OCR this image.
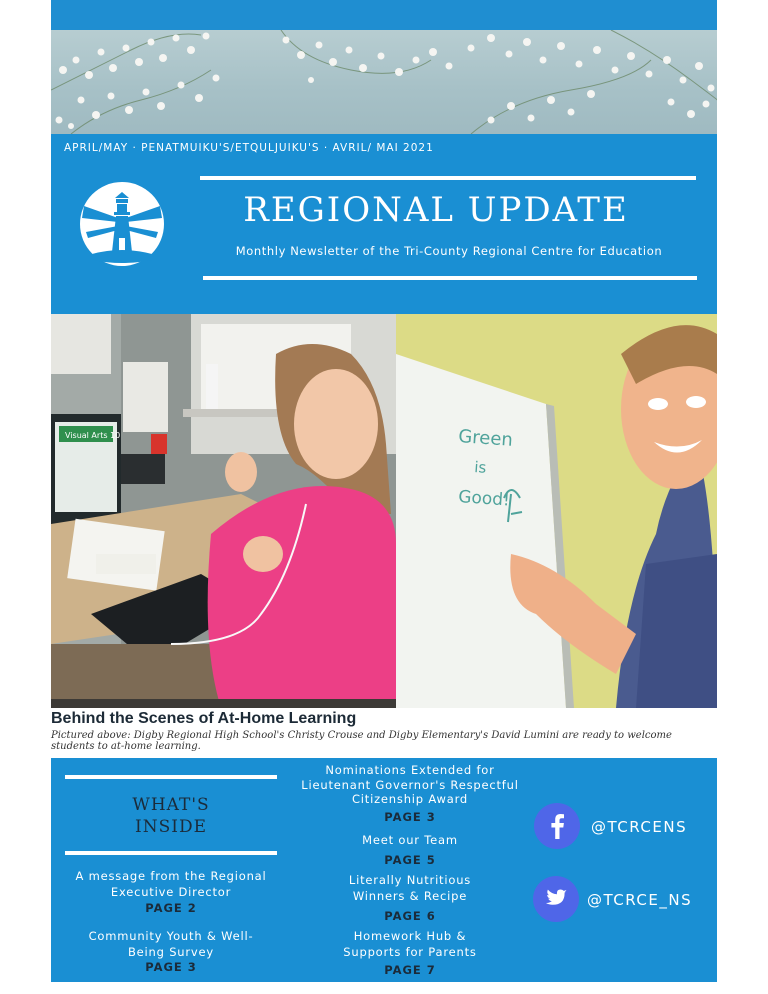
APRIL/MAY · PENATMUIKU'S/ETQULJUIKU'S · AVRIL/ MAI 2021
REGIONAL UPDATE
Monthly Newsletter of the Tri-County Regional Centre for Education
Visual Arts 10	Green
is
Good!
Behind the Scenes of At-Home Learning
Pictured above: Digby Regional High School's Christy Crouse and Digby Elementary's David Lumini are ready to welcome students to at-home learning.
WHAT'S
INSIDE
A message from the Regional
Executive Director
PAGE 2
Community Youth & Well-
Being Survey
PAGE 3
Nominations Extended for
Lieutenant Governor's Respectful
Citizenship Award
PAGE 3
Meet our Team
PAGE 5
Literally Nutritious
Winners & Recipe
PAGE 6
Homework Hub &
Supports for Parents
PAGE 7
@TCRCENS
@TCRCE_NS
